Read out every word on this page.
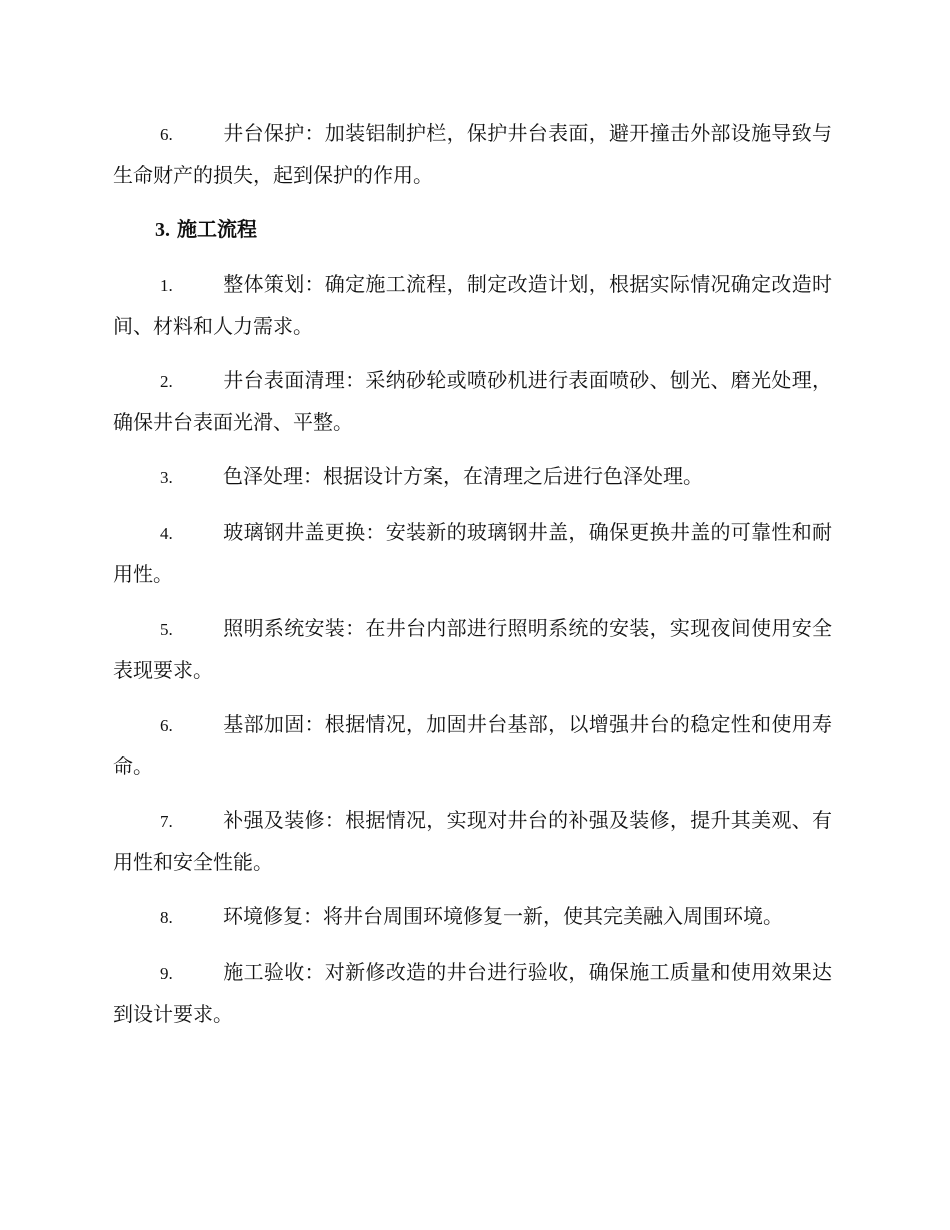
6.	井台保护：加装铝制护栏，保护井台表面，避开撞击外部设施导致与生命财产的损失，起到保护的作用。

3. 施工流程

1.	整体策划：确定施工流程，制定改造计划，根据实际情况确定改造时间、材料和人力需求。

2.	井台表面清理：采纳砂轮或喷砂机进行表面喷砂、刨光、磨光处理，确保井台表面光滑、平整。

3.	色泽处理：根据设计方案，在清理之后进行色泽处理。

4.	玻璃钢井盖更换：安装新的玻璃钢井盖，确保更换井盖的可靠性和耐用性。

5.	照明系统安装：在井台内部进行照明系统的安装，实现夜间使用安全表现要求。

6.	基部加固：根据情况，加固井台基部，以增强井台的稳定性和使用寿命。

7.	补强及装修：根据情况，实现对井台的补强及装修，提升其美观、有用性和安全性能。

8.	环境修复：将井台周围环境修复一新，使其完美融入周围环境。

9.	施工验收：对新修改造的井台进行验收，确保施工质量和使用效果达到设计要求。
